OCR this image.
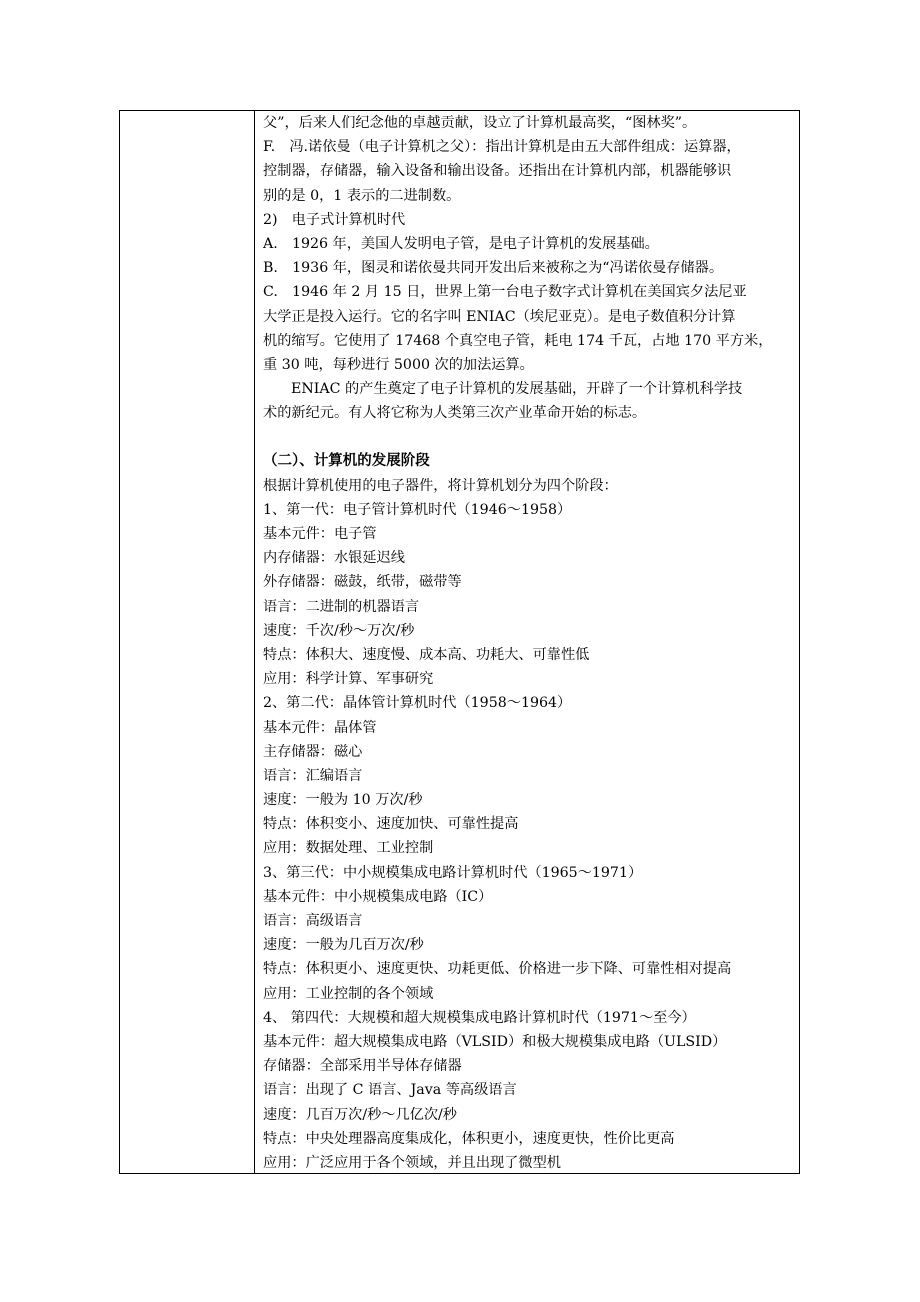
父”，后来人们纪念他的卓越贡献，设立了计算机最高奖，“图林奖”。
F.　冯.诺依曼（电子计算机之父）：指出计算机是由五大部件组成：运算器，
控制器，存储器，输入设备和输出设备。还指出在计算机内部，机器能够识
别的是 0，1 表示的二进制数。
2)　电子式计算机时代
A.　1926 年，美国人发明电子管，是电子计算机的发展基础。
B.　1936 年，图灵和诺依曼共同开发出后来被称之为“冯诺依曼存储器。
C.　1946 年 2 月 15 日，世界上第一台电子数字式计算机在美国宾夕法尼亚
大学正是投入运行。它的名字叫 ENIAC（埃尼亚克）。是电子数值积分计算
机的缩写。它使用了 17468 个真空电子管，耗电 174 千瓦，占地 170 平方米，
重 30 吨，每秒进行 5000 次的加法运算。
ENIAC 的产生奠定了电子计算机的发展基础，开辟了一个计算机科学技
术的新纪元。有人将它称为人类第三次产业革命开始的标志。
（二）、计算机的发展阶段
根据计算机使用的电子器件，将计算机划分为四个阶段：
1、第一代：电子管计算机时代（1946～1958）
基本元件：电子管
内存储器：水银延迟线
外存储器：磁鼓，纸带，磁带等
语言：二进制的机器语言
速度：千次/秒～万次/秒
特点：体积大、速度慢、成本高、功耗大、可靠性低
应用：科学计算、军事研究
2、第二代：晶体管计算机时代（1958～1964）
基本元件：晶体管
主存储器：磁心
语言：汇编语言
速度：一般为 10 万次/秒
特点：体积变小、速度加快、可靠性提高
应用：数据处理、工业控制
3、第三代：中小规模集成电路计算机时代（1965～1971）
基本元件：中小规模集成电路（IC）
语言：高级语言
速度：一般为几百万次/秒
特点：体积更小、速度更快、功耗更低、价格进一步下降、可靠性相对提高
应用：工业控制的各个领域
4、 第四代：大规模和超大规模集成电路计算机时代（1971～至今）
基本元件：超大规模集成电路（VLSID）和极大规模集成电路（ULSID）
存储器：全部采用半导体存储器
语言：出现了 C 语言、Java 等高级语言
速度：几百万次/秒～几亿次/秒
特点：中央处理器高度集成化，体积更小，速度更快，性价比更高
应用：广泛应用于各个领域，并且出现了微型机
